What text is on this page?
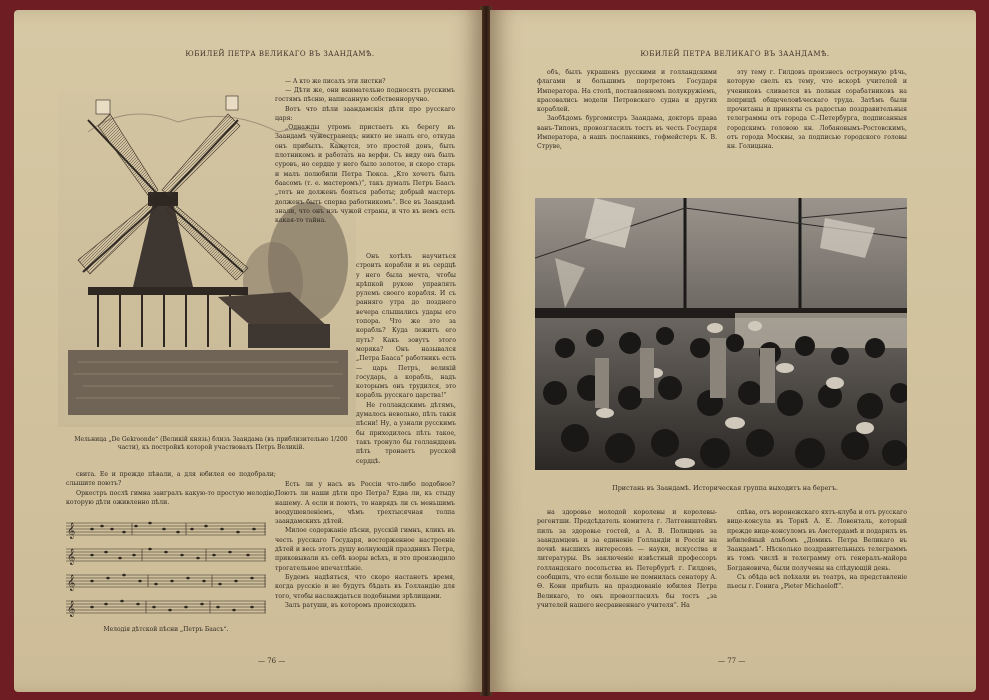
ЮБИЛЕЙ ПЕТРА ВЕЛИКАГО ВЪ ЗААНДАМѢ.

— А кто же писалъ эти листки?

— Дѣти же, они внимательно подносятъ русскимъ гостямъ пѣсню, написанную собственноручно.

Вотъ что пѣли заандамскія дѣти про русскаго царя:

„Однажды утромъ пристаетъ къ берегу въ Заандамѣ чужестранецъ; никто не зналъ его, откуда онъ прибылъ. Кажется, это простой донъ, быть плотникомъ и работать на верфи. Съ виду онъ былъ суровъ, но сердце у него было золотое, и скоро старь и малъ полюбили Петра Тюкса. „Кто хочетъ быть баасомъ (т. е. мастеромъ)“, такъ думалъ Петръ Баасъ „тотъ не долженъ бояться работы; добрый мастеръ долженъ быть сперва работникомъ“. Все въ Заандамѣ знали, что онъ изъ чужой страны, и что въ немъ есть какая-то тайна.

Онъ хотѣлъ научиться строить корабли и въ сердцѣ у него была мечта, чтобы крѣпкой рукою управлять рулемъ своего корабля. И съ ранняго утра до позднего вечера слышались удары его топора. Что же это за корабль? Куда лежитъ его путь? Какъ зовутъ этого моряка? Онъ назывался „Петра Бааса“ работникъ есть — царь Петръ, великій государь, а корабль, надъ которымъ онъ трудился, это корабль русскаго царства!“

Не голландскимъ дѣтямъ, думалось невольно, пѣть такія пѣсни! Ну, а узнали русскимъ бы приходилось пѣть такое, такъ тронуло бы голландцевъ пѣть тронаетъ русской сердцѣ.

Мельница „De Gekroonde“ (Великій князь) близъ Заандама (въ приблизительно 1/200 части), къ постройкѣ которой участвовалъ Петръ Великій.

свита. Ее и прежде пѣвали, а для юбилея ее подобрали; слышите поютъ?

Оркестръ послѣ гимна заигралъ какую-то простую мелодію, которую дѣти оживленно пѣли.

𝄞
𝄞
𝄞
𝄞
Мелодія дѣтской пѣсни „Петръ Баасъ“.

Есть ли у насъ въ Россіи что-либо подобное? Поютъ ли наши дѣти про Петра? Едва ли, къ стыду нашему. А если и поютъ, то наврядъ ли съ меньшимъ воодушевленіемъ, чѣмъ трехтысячная толпа заандамскихъ дѣтей.

Милое содержаніе пѣсни, русскій гимнъ, кликъ въ честь русскаго Государя, восторженное настроеніе дѣтей и весь этотъ душу волнующій праздникъ Петра, приковывали къ себѣ взоры всѣхъ, и это производило трогательное впечатлѣніе.

Будемъ надѣяться, что скоро настанетъ время, когда русскіе и не будутъ бѣдать въ Голландію для того, чтобы наслаждаться подобными зрѣлищами.

Залъ ратуши, въ которомъ происходилъ

— 76 —
ЮБИЛЕЙ ПЕТРА ВЕЛИКАГО ВЪ ЗААНДАМѢ.

объ, былъ украшенъ русскими и голландскими флагами и большимъ портретомъ Государя Императора. На столѣ, поставленномъ полукружіемъ, красовались модели Петровскаго судна и других кораблей.

Заобѣдомъ бургомистръ Заандама, докторъ права ванъ-Типонъ, провозгласилъ тостъ въ честь Государя Императора, а нашъ посланникъ, гофмейстеръ К. В. Струве,

эту тему г. Гилдовъ произнесъ остроумную рѣчь, которую свелъ къ тему, что вскорѣ учителей и учениковъ сливается въ полныя сорабатниковъ на поприщѣ общечеловѣческаго труда. Затѣмъ были прочитаны и приняты съ радостью поздравительныя телеграммы отъ города С.-Петербурга, подписанныя городскимъ головою кн. Лобановымъ-Ростовскимъ, отъ города Москвы, за подписью городского головы кн. Голицына.

Пристань въ Заандамѣ. Историческая группа выходитъ на берегъ.

на здоровье молодой королевы и королевы-регентши. Предсѣдатель комитета г. Латгевнштейнъ пилъ за здоровье гостей, а А. В. Полищевъ за заандамцевъ и за единеніе Голландіи и Россіи на почвѣ высшихъ интересовъ — науки, искусства и литературы. Въ заключеніе извѣстный профессоръ голландскаго посольства въ Петербургѣ г. Гилдовъ, сообщилъ, что если больше не помнилась сенатору А. Ѳ. Кони прибыть на празднованіе юбилея Петра Великаго, то онъ провозгласилъ бы тостъ „за учителей нашего несравненнаго учителя“. На

спѣва, отъ воронежскаго яхтъ-клуба и отъ русскаго вице-консула въ Торнѣ А. Е. Ловенталь, который прежде вице-консуломъ въ Амстердамѣ и подарилъ въ юбилейный альбомъ „Домикъ Петра Великаго въ Заандамѣ“. Нѣсколько поздравительныхъ телеграммъ въ томъ числѣ и телеграмму отъ генералъ-майора Богдановича, были получены на слѣдующій день.

Съ обѣда всѣ поѣхали въ театръ, на представленіе пьесы г. Гонига „Pieter Michaeloff“.

— 77 —
